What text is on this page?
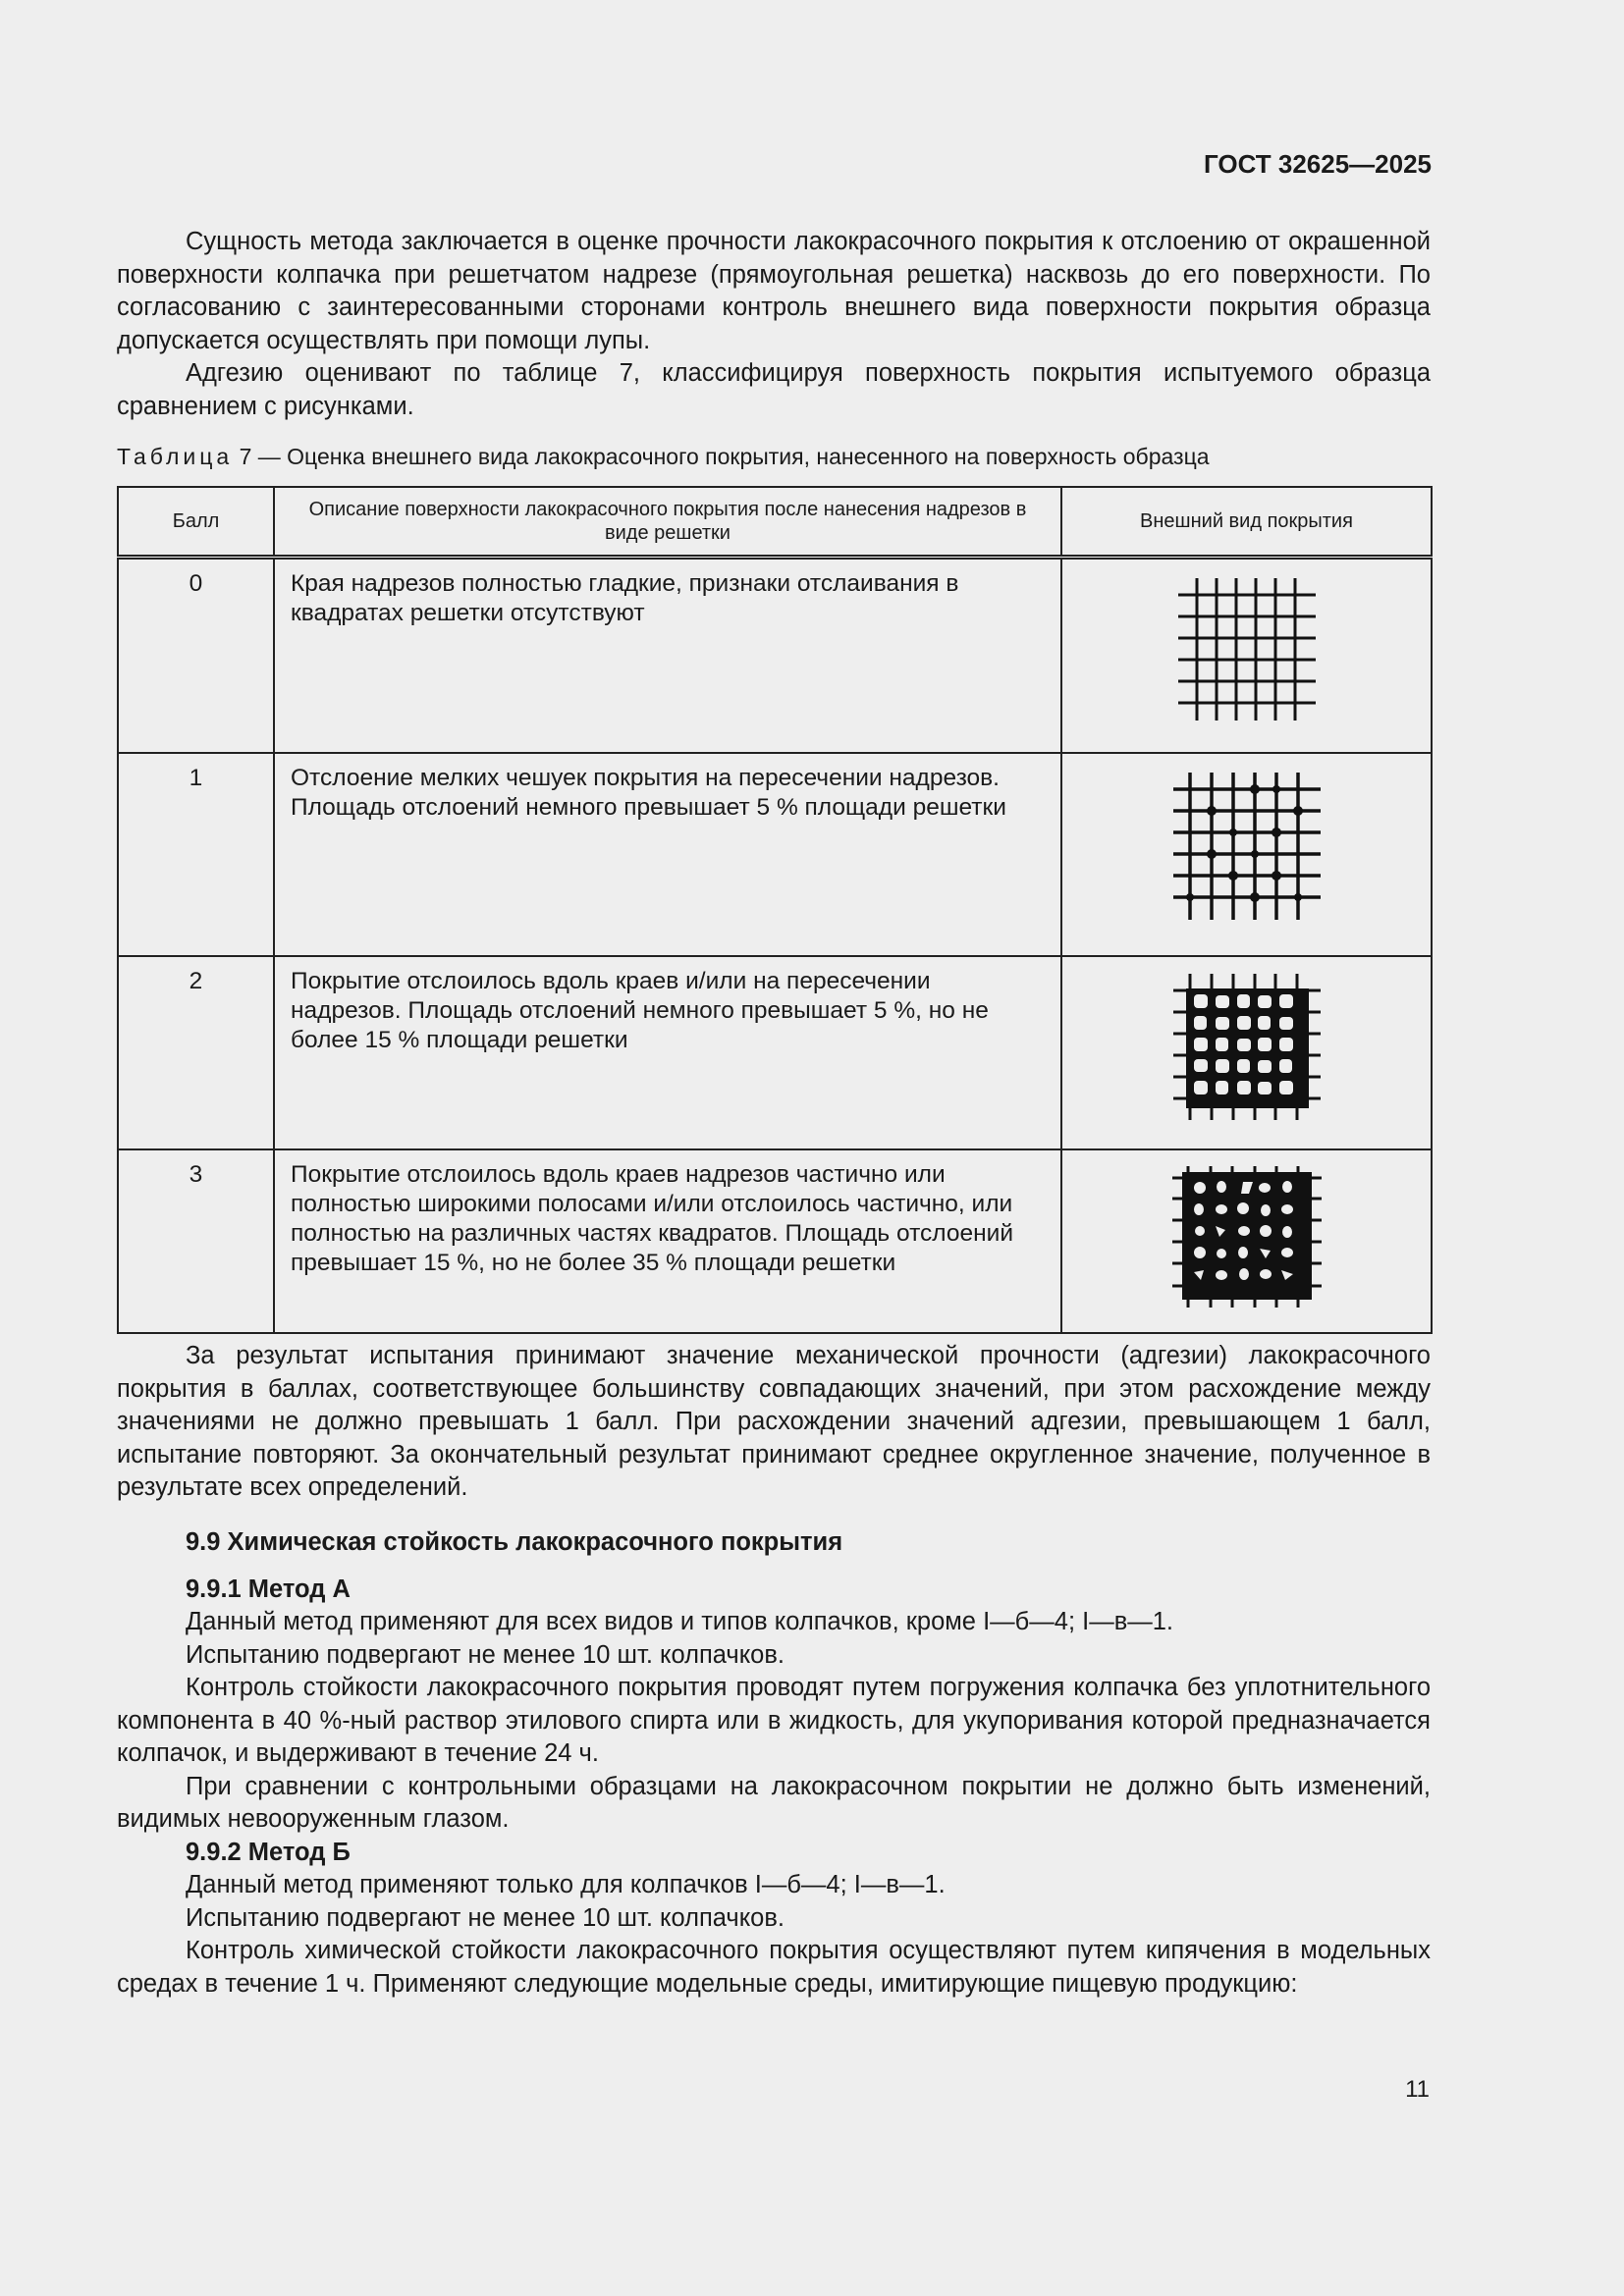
ГОСТ 32625—2025

Сущность метода заключается в оценке прочности лакокрасочного покрытия к отслоению от окрашенной поверхности колпачка при решетчатом надрезе (прямоугольная решетка) насквозь до его поверхности. По согласованию с заинтересованными сторонами контроль внешнего вида поверхности покрытия образца допускается осуществлять при помощи лупы.

Адгезию оценивают по таблице 7, классифицируя поверхность покрытия испытуемого образца сравнением с рисунками.

Таблица 7 — Оценка внешнего вида лакокрасочного покрытия, нанесенного на поверхность образца
Балл	Описание поверхности лакокрасочного покрытия после нанесения надрезов в виде решетки	Внешний вид покрытия
0	Края надрезов полностью гладкие, признаки отслаивания в квадратах решетки отсутствуют	
1	Отслоение мелких чешуек покрытия на пересечении надрезов. Площадь отслоений немного превышает 5 % площади решетки	
2	Покрытие отслоилось вдоль краев и/или на пересечении надрезов. Площадь отслоений немного превышает 5 %, но не более 15 % площади решетки	
3	Покрытие отслоилось вдоль краев надрезов частично или полностью широкими полосами и/или отслоилось частично, или полностью на различных частях квадратов. Площадь отслоений превышает 15 %, но не более 35 % площади решетки	

За результат испытания принимают значение механической прочности (адгезии) лакокрасочного покрытия в баллах, соответствующее большинству совпадающих значений, при этом расхождение между значениями не должно превышать 1 балл. При расхождении значений адгезии, превышающем 1 балл, испытание повторяют. За окончательный результат принимают среднее округленное значение, полученное в результате всех определений.

9.9 Химическая стойкость лакокрасочного покрытия

9.9.1 Метод А

Данный метод применяют для всех видов и типов колпачков, кроме I—б—4; I—в—1.

Испытанию подвергают не менее 10 шт. колпачков.

Контроль стойкости лакокрасочного покрытия проводят путем погружения колпачка без уплотнительного компонента в 40 %-ный раствор этилового спирта или в жидкость, для укупоривания которой предназначается колпачок, и выдерживают в течение 24 ч.

При сравнении с контрольными образцами на лакокрасочном покрытии не должно быть изменений, видимых невооруженным глазом.

9.9.2 Метод Б

Данный метод применяют только для колпачков I—б—4; I—в—1.

Испытанию подвергают не менее 10 шт. колпачков.

Контроль химической стойкости лакокрасочного покрытия осуществляют путем кипячения в модельных средах в течение 1 ч. Применяют следующие модельные среды, имитирующие пищевую продукцию:

11
